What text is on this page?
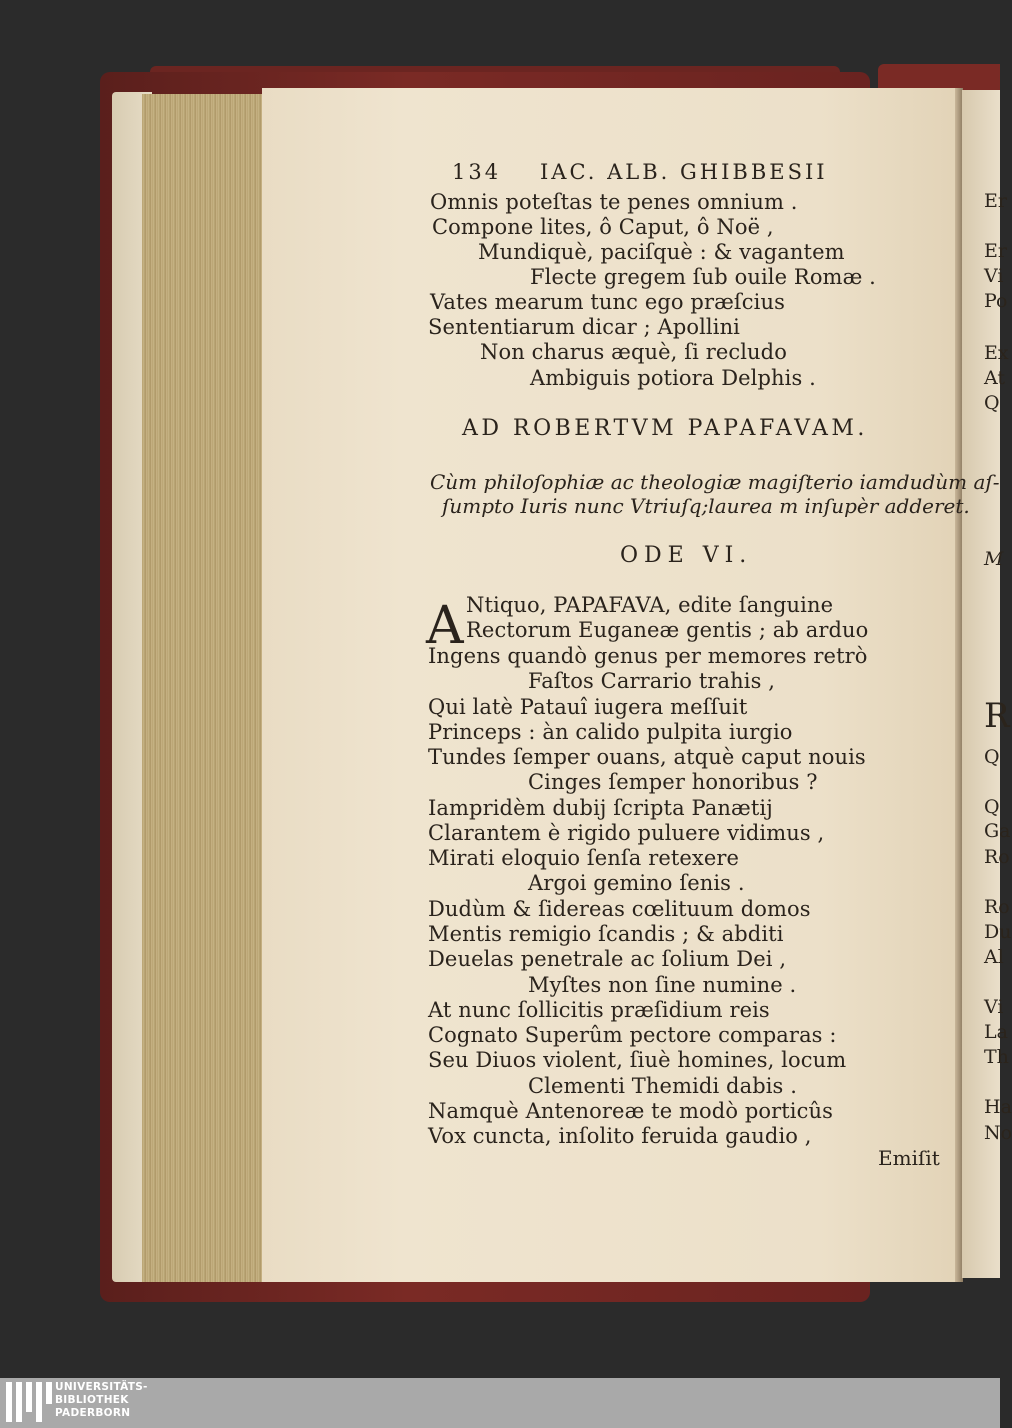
134 IAC. ALB. GHIBBESII
Omnis poteſtas te penes omnium .
Compone lites, ô Caput, ô Noë ,
Mundiquè, paciſquè : & vagantem
Flecte gregem ſub ouile Romæ .
Vates mearum tunc ego præſcius
Sententiarum dicar ; Apollini
Non charus æquè, ſi recludo
Ambiguis potiora Delphis .
AD ROBERTVM PAPAFAVAM.
Cùm philoſophiæ ac theologiæ magiſterio iamdudùm aſ-
ſumpto Iuris nunc Vtriuſq;laurea m inſupèr adderet.
ODE VI.
A Ntiquo, PAPAFAVA, edite ſanguine
Rectorum Euganeæ gentis ; ab arduo
Ingens quandò genus per memores retrò
Faſtos Carrario trahis ,
Qui latè Patauî iugera meſſuit
Princeps : àn calido pulpita iurgio
Tundes ſemper ouans, atquè caput nouis
Cinges ſemper honoribus ?
Iampridèm dubij ſcripta Panætij
Clarantem è rigido puluere vidimus ,
Mirati eloquio ſenſa retexere
Argoi gemino ſenis .
Dudùm & ſidereas cœlituum domos
Mentis remigio ſcandis ; & abditi
Deuelas penetrale ac ſolium Dei ,
Myſtes non ſine numine .
At nunc ſollicitis præſidium reis
Cognato Superûm pectore comparas :
Seu Diuos violent, ſiuè homines, locum
Clementi Themidi dabis .
Namquè Antenoreæ te modò porticûs
Vox cuncta, inſolito feruida gaudio ,
Emiſit
Er
Er
Vi
Po
Ex
At
Q
M
R
Q
Q
Ga
Ro
Ro
Du
Al
Vi
La
Th
Ha
No
UNIVERSITÄTS-
BIBLIOTHEK
PADERBORN
